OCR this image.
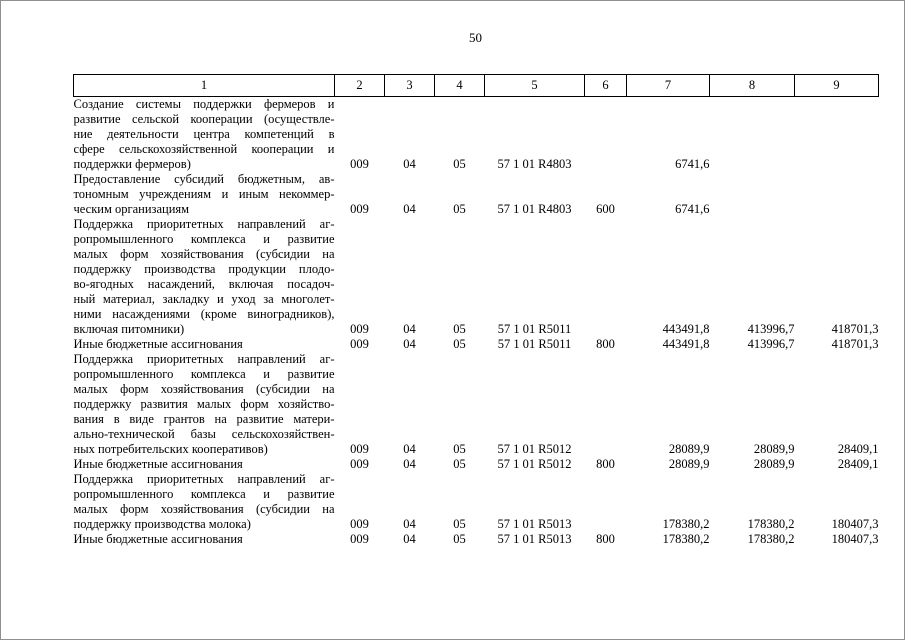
50
1	2	3	4	5	6	7	8	9

Создание системы поддержки фермеров и
развитие сельской кооперации (осуществле-
ние деятельности центра компетенций в
сфере сельскохозяйственной кооперации и
поддержки фермеров)	009	04	05	57 1 01 R4803		6741,6		

Предоставление субсидий бюджетным, ав-
тономным учреждениям и иным некоммер-
ческим организациям	009	04	05	57 1 01 R4803	600	6741,6		

Поддержка приоритетных направлений аг-
ропромышленного комплекса и развитие
малых форм хозяйствования (субсидии на
поддержку производства продукции плодо-
во-ягодных насаждений, включая посадоч-
ный материал, закладку и уход за многолет-
ними насаждениями (кроме виноградников),
включая питомники)	009	04	05	57 1 01 R5011		443491,8	413996,7	418701,3

Иные бюджетные ассигнования	009	04	05	57 1 01 R5011	800	443491,8	413996,7	418701,3

Поддержка приоритетных направлений аг-
ропромышленного комплекса и развитие
малых форм хозяйствования (субсидии на
поддержку развития малых форм хозяйство-
вания в виде грантов на развитие матери-
ально-технической базы сельскохозяйствен-
ных потребительских кооперативов)	009	04	05	57 1 01 R5012		28089,9	28089,9	28409,1

Иные бюджетные ассигнования	009	04	05	57 1 01 R5012	800	28089,9	28089,9	28409,1

Поддержка приоритетных направлений аг-
ропромышленного комплекса и развитие
малых форм хозяйствования (субсидии на
поддержку производства молока)	009	04	05	57 1 01 R5013		178380,2	178380,2	180407,3

Иные бюджетные ассигнования	009	04	05	57 1 01 R5013	800	178380,2	178380,2	180407,3
